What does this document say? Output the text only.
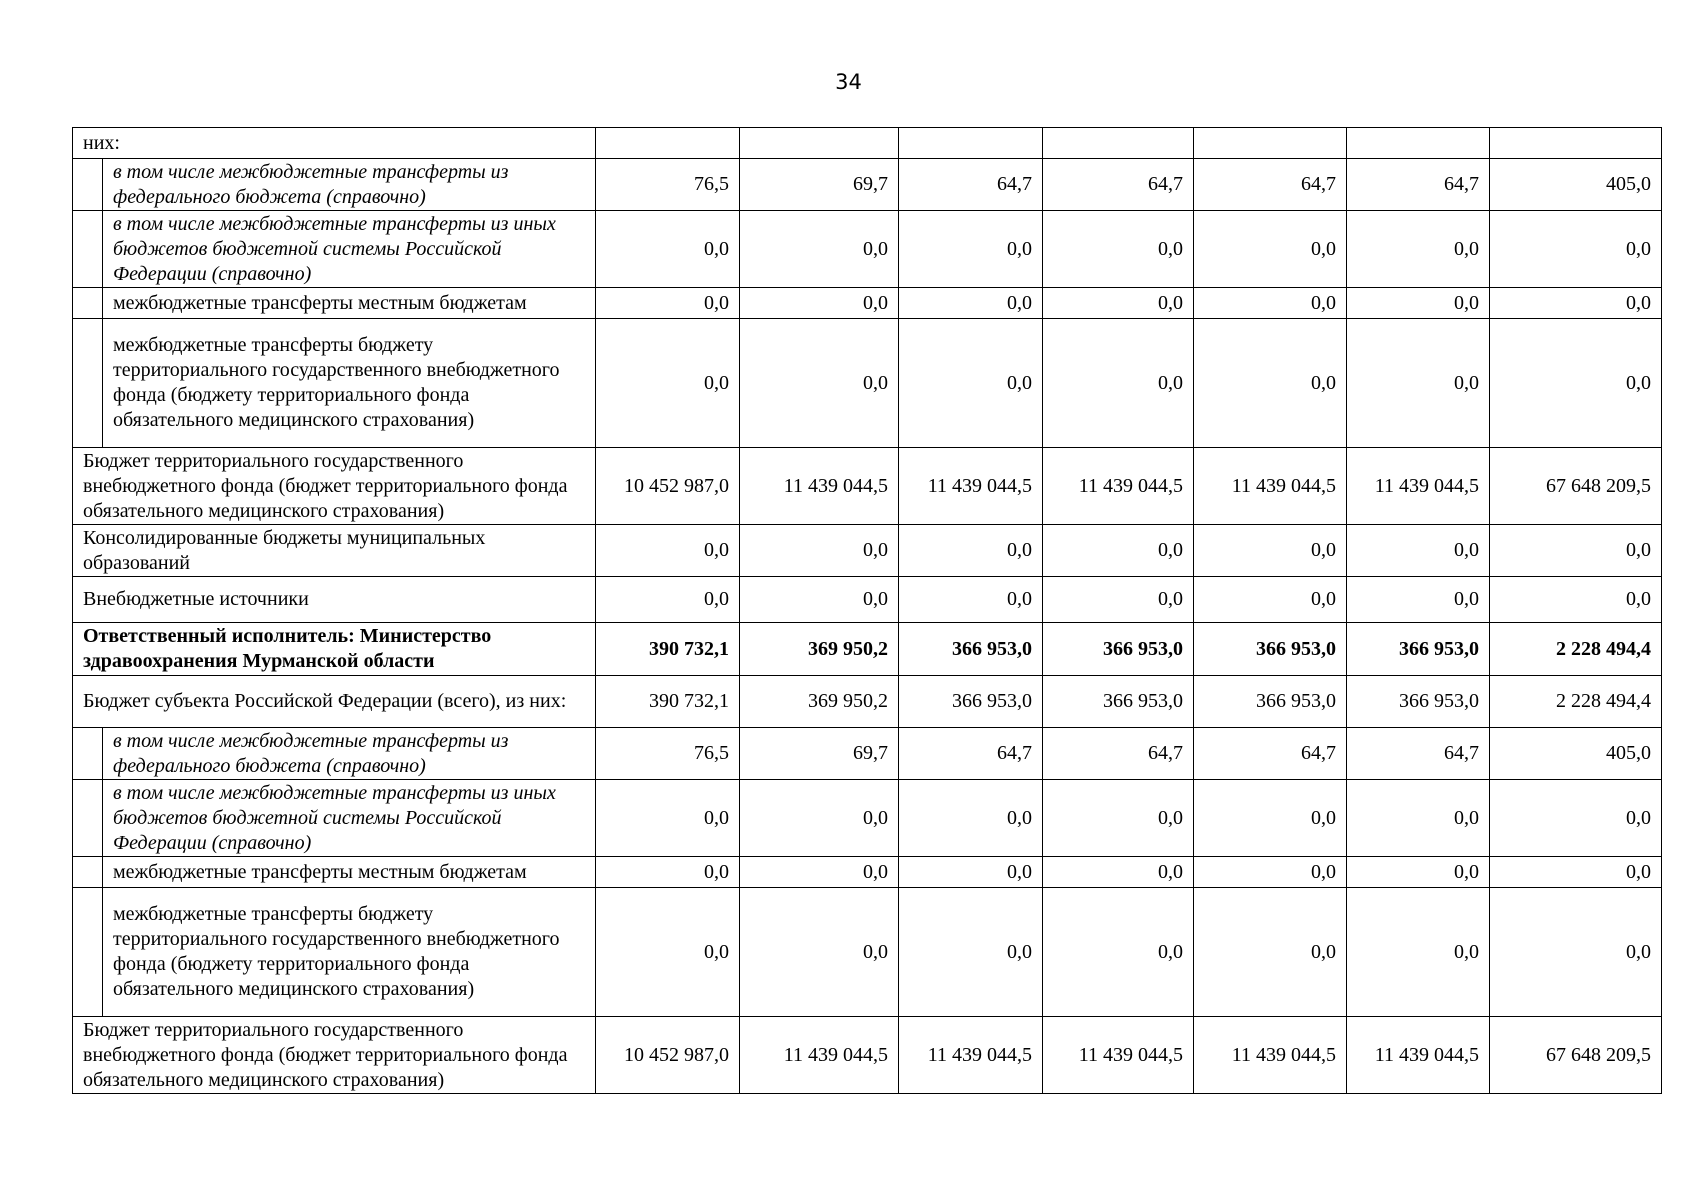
34
них:								
	в том числе межбюджетные трансферты из федерального бюджета (справочно)	76,5	69,7	64,7	64,7	64,7	64,7	405,0
	в том числе межбюджетные трансферты из иных бюджетов бюджетной системы Российской Федерации (справочно)	0,0	0,0	0,0	0,0	0,0	0,0	0,0
	межбюджетные трансферты местным бюджетам	0,0	0,0	0,0	0,0	0,0	0,0	0,0
	межбюджетные трансферты бюджету территориального государственного внебюджетного фонда (бюджету территориального фонда обязательного медицинского страхования)	0,0	0,0	0,0	0,0	0,0	0,0	0,0
Бюджет территориального государственного внебюджетного фонда (бюджет территориального фонда обязательного медицинского страхования)		10 452 987,0	11 439 044,5	11 439 044,5	11 439 044,5	11 439 044,5	11 439 044,5	67 648 209,5
Консолидированные бюджеты муниципальных образований		0,0	0,0	0,0	0,0	0,0	0,0	0,0
Внебюджетные источники		0,0	0,0	0,0	0,0	0,0	0,0	0,0
Ответственный исполнитель: Министерство здравоохранения Мурманской области		390 732,1	369 950,2	366 953,0	366 953,0	366 953,0	366 953,0	2 228 494,4
Бюджет субъекта Российской Федерации (всего), из них:		390 732,1	369 950,2	366 953,0	366 953,0	366 953,0	366 953,0	2 228 494,4
	в том числе межбюджетные трансферты из федерального бюджета (справочно)	76,5	69,7	64,7	64,7	64,7	64,7	405,0
	в том числе межбюджетные трансферты из иных бюджетов бюджетной системы Российской Федерации (справочно)	0,0	0,0	0,0	0,0	0,0	0,0	0,0
	межбюджетные трансферты местным бюджетам	0,0	0,0	0,0	0,0	0,0	0,0	0,0
	межбюджетные трансферты бюджету территориального государственного внебюджетного фонда (бюджету территориального фонда обязательного медицинского страхования)	0,0	0,0	0,0	0,0	0,0	0,0	0,0
Бюджет территориального государственного внебюджетного фонда (бюджет территориального фонда обязательного медицинского страхования)		10 452 987,0	11 439 044,5	11 439 044,5	11 439 044,5	11 439 044,5	11 439 044,5	67 648 209,5
